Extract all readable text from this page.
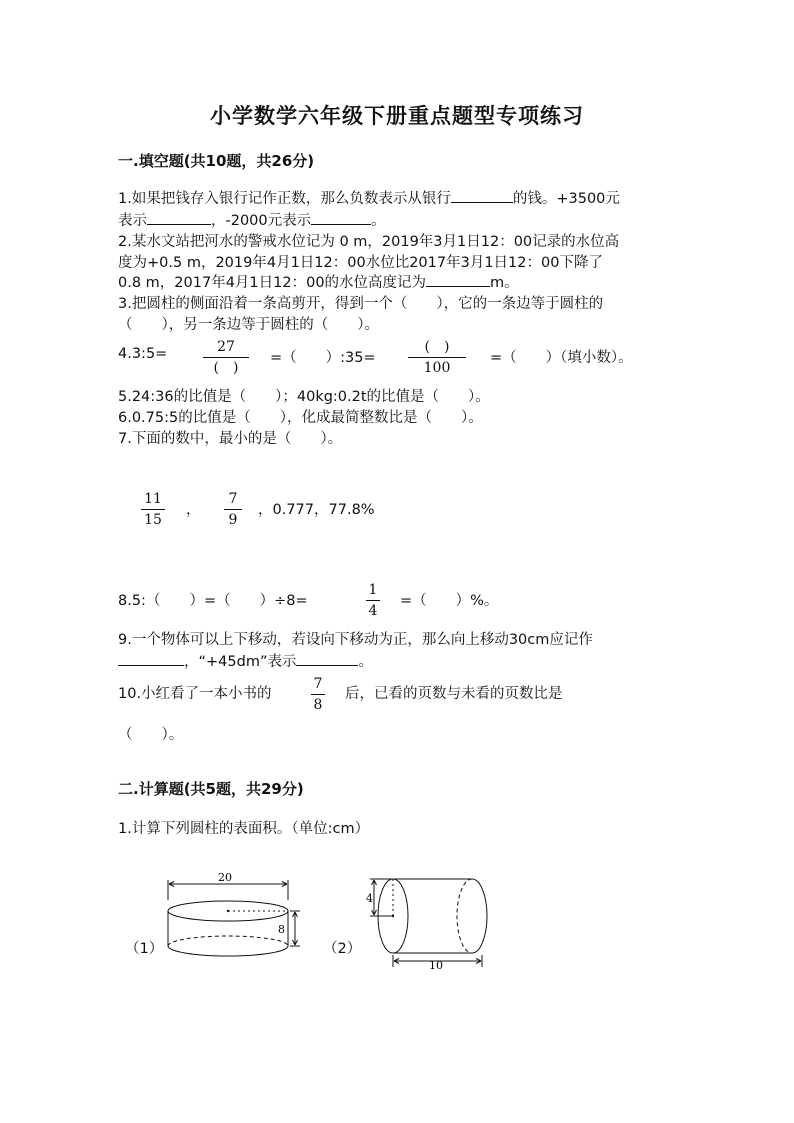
小学数学六年级下册重点题型专项练习
一.填空题(共10题，共26分)
1.如果把钱存入银行记作正数，那么负数表示从银行	的钱。+3500元
表示	，-2000元表示	。
2.某水文站把河水的警戒水位记为 0 m，2019年3月1日12：00记录的水位高
度为+0.5 m，2019年4月1日12：00水位比2017年3月1日12：00下降了
0.8 m，2017年4月1日12：00的水位高度记为	m。
3.把圆柱的侧面沿着一条高剪开，得到一个（　　），它的一条边等于圆柱的
（　　），另一条边等于圆柱的（　　）。
4.3:5=	27
(　)
=（　　）:35=
(　)
100
=（　　）（填小数）。
5.24:36的比值是（　　）；40kg:0.2t的比值是（　　）。
6.0.75:5的比值是（　　），化成最简整数比是（　　）。
7.下面的数中，最小的是（　　）。
11
15
，
7
9
，0.777，77.8%
8.5:（　　）=（　　）÷8=
1
4
=（　　）%。
9.一个物体可以上下移动，若设向下移动为正，那么向上移动30cm应记作
，“+45dm”表示	。
10.小红看了一本小书的
7
8
后，已看的页数与未看的页数比是
（　　）。
二.计算题(共5题，共29分)
1.计算下列圆柱的表面积。（单位:cm）
（1）	（2）
20
8
4
10
